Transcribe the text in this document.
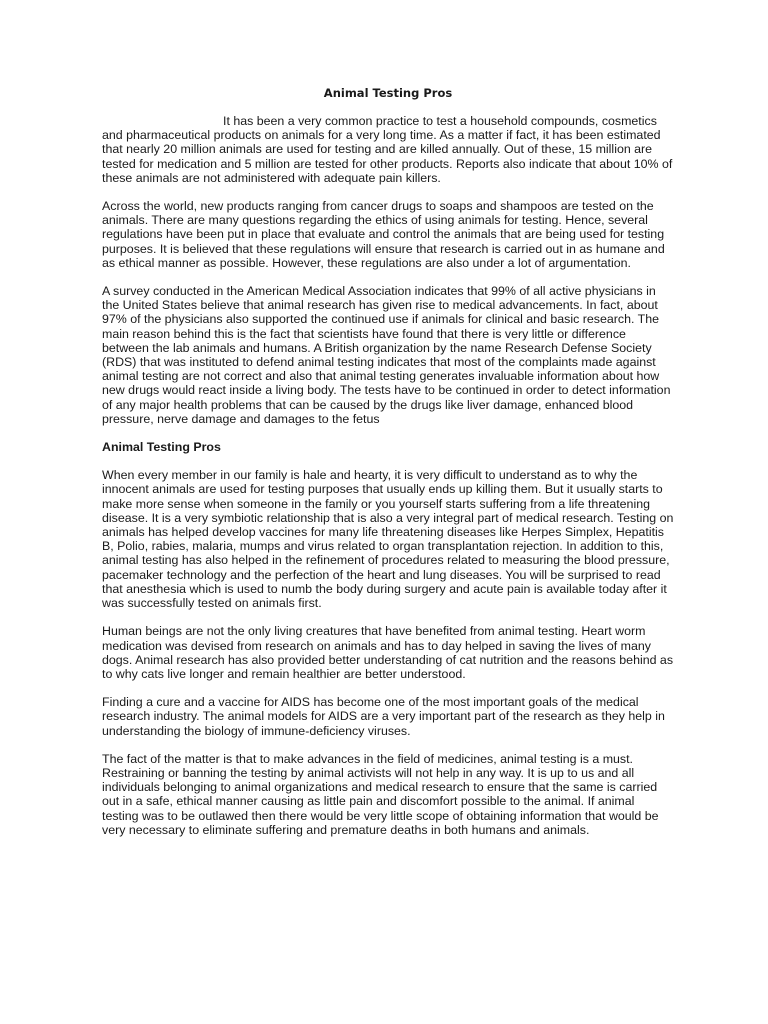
Animal Testing Pros

It has been a very common practice to test a household compounds, cosmetics and pharmaceutical products on animals for a very long time. As a matter if fact, it has been estimated that nearly 20 million animals are used for testing and are killed annually. Out of these, 15 million are tested for medication and 5 million are tested for other products. Reports also indicate that about 10% of these animals are not administered with adequate pain killers.

Across the world, new products ranging from cancer drugs to soaps and shampoos are tested on the animals. There are many questions regarding the ethics of using animals for testing. Hence, several regulations have been put in place that evaluate and control the animals that are being used for testing purposes. It is believed that these regulations will ensure that research is carried out in as humane and as ethical manner as possible. However, these regulations are also under a lot of argumentation.

A survey conducted in the American Medical Association indicates that 99% of all active physicians in the United States believe that animal research has given rise to medical advancements. In fact, about 97% of the physicians also supported the continued use if animals for clinical and basic research. The main reason behind this is the fact that scientists have found that there is very little or difference between the lab animals and humans. A British organization by the name Research Defense Society (RDS) that was instituted to defend animal testing indicates that most of the complaints made against animal testing are not correct and also that animal testing generates invaluable information about how new drugs would react inside a living body. The tests have to be continued in order to detect information of any major health problems that can be caused by the drugs like liver damage, enhanced blood pressure, nerve damage and damages to the fetus

Animal Testing Pros

When every member in our family is hale and hearty, it is very difficult to understand as to why the innocent animals are used for testing purposes that usually ends up killing them. But it usually starts to make more sense when someone in the family or you yourself starts suffering from a life threatening disease. It is a very symbiotic relationship that is also a very integral part of medical research. Testing on animals has helped develop vaccines for many life threatening diseases like Herpes Simplex, Hepatitis B, Polio, rabies, malaria, mumps and virus related to organ transplantation rejection. In addition to this, animal testing has also helped in the refinement of procedures related to measuring the blood pressure, pacemaker technology and the perfection of the heart and lung diseases. You will be surprised to read that anesthesia which is used to numb the body during surgery and acute pain is available today after it was successfully tested on animals first.

Human beings are not the only living creatures that have benefited from animal testing. Heart worm medication was devised from research on animals and has to day helped in saving the lives of many dogs. Animal research has also provided better understanding of cat nutrition and the reasons behind as to why cats live longer and remain healthier are better understood.

Finding a cure and a vaccine for AIDS has become one of the most important goals of the medical research industry. The animal models for AIDS are a very important part of the research as they help in understanding the biology of immune-deficiency viruses.

The fact of the matter is that to make advances in the field of medicines, animal testing is a must. Restraining or banning the testing by animal activists will not help in any way. It is up to us and all individuals belonging to animal organizations and medical research to ensure that the same is carried out in a safe, ethical manner causing as little pain and discomfort possible to the animal. If animal testing was to be outlawed then there would be very little scope of obtaining information that would be very necessary to eliminate suffering and premature deaths in both humans and animals.
